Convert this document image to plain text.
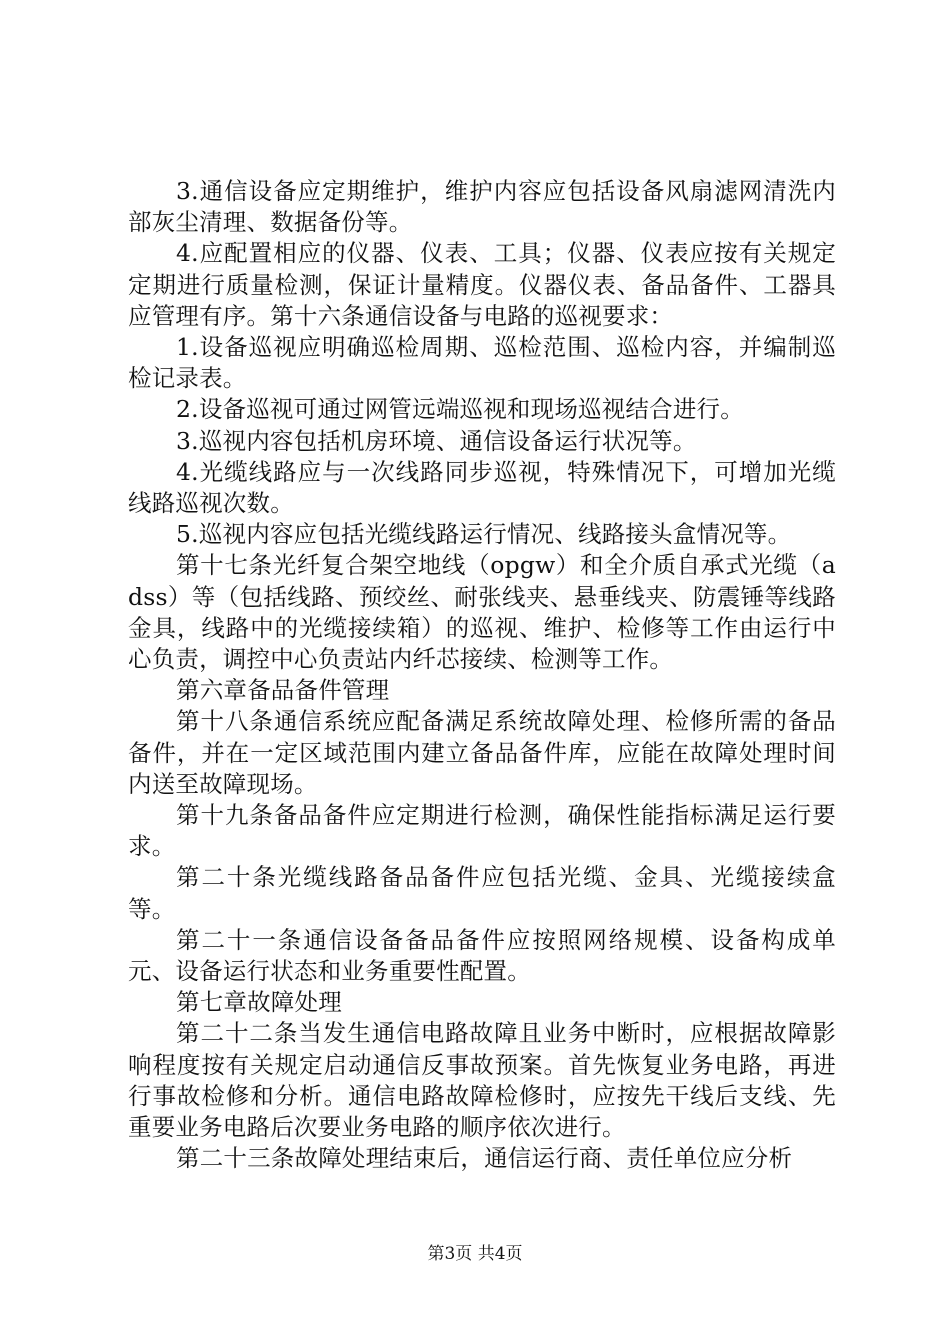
3.通信设备应定期维护，维护内容应包括设备风扇滤网清洗内部灰尘清理、数据备份等。

4.应配置相应的仪器、仪表、工具；仪器、仪表应按有关规定定期进行质量检测，保证计量精度。仪器仪表、备品备件、工器具应管理有序。第十六条通信设备与电路的巡视要求：

1.设备巡视应明确巡检周期、巡检范围、巡检内容，并编制巡检记录表。

2.设备巡视可通过网管远端巡视和现场巡视结合进行。

3.巡视内容包括机房环境、通信设备运行状况等。

4.光缆线路应与一次线路同步巡视，特殊情况下，可增加光缆线路巡视次数。

5.巡视内容应包括光缆线路运行情况、线路接头盒情况等。

第十七条光纤复合架空地线（opgw）和全介质自承式光缆（adss）等（包括线路、预绞丝、耐张线夹、悬垂线夹、防震锤等线路金具，线路中的光缆接续箱）的巡视、维护、检修等工作由运行中心负责，调控中心负责站内纤芯接续、检测等工作。

第六章备品备件管理

第十八条通信系统应配备满足系统故障处理、检修所需的备品备件，并在一定区域范围内建立备品备件库，应能在故障处理时间内送至故障现场。

第十九条备品备件应定期进行检测，确保性能指标满足运行要求。

第二十条光缆线路备品备件应包括光缆、金具、光缆接续盒等。

第二十一条通信设备备品备件应按照网络规模、设备构成单元、设备运行状态和业务重要性配置。

第七章故障处理

第二十二条当发生通信电路故障且业务中断时，应根据故障影响程度按有关规定启动通信反事故预案。首先恢复业务电路，再进行事故检修和分析。通信电路故障检修时，应按先干线后支线、先重要业务电路后次要业务电路的顺序依次进行。

第二十三条故障处理结束后，通信运行商、责任单位应分析

第3页 共4页
